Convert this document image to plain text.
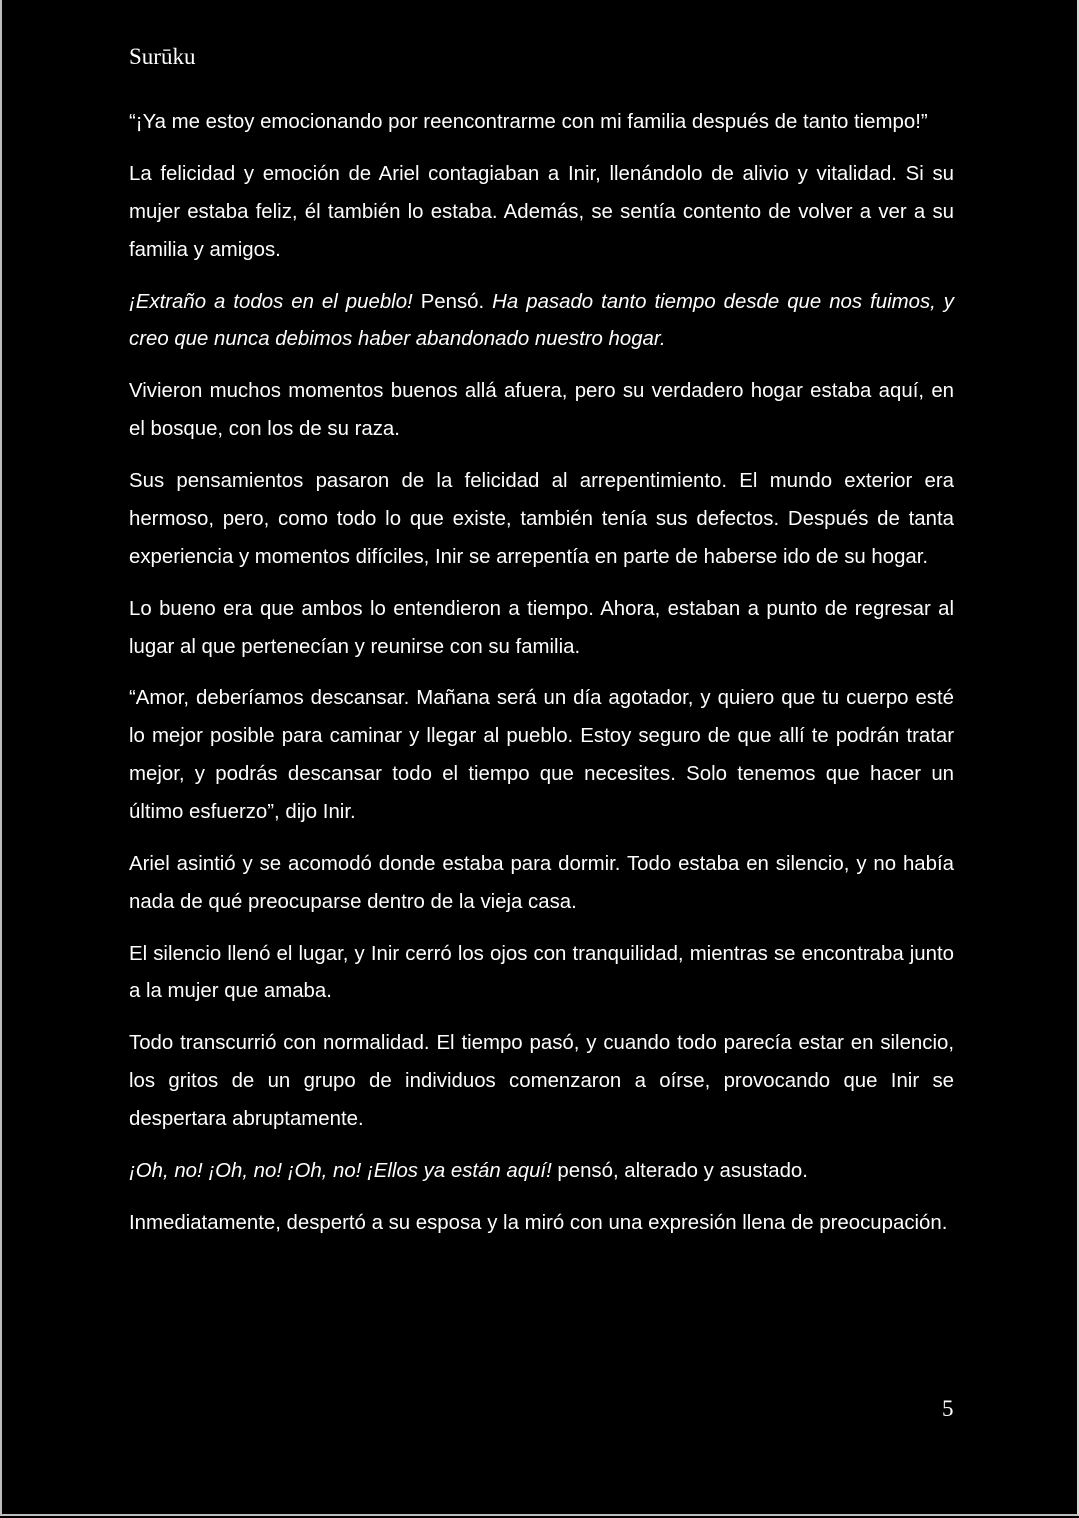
Surūku

“¡Ya me estoy emocionando por reencontrarme con mi familia después de tanto tiempo!”

La felicidad y emoción de Ariel contagiaban a Inir, llenándolo de alivio y vitalidad. Si su mujer estaba feliz, él también lo estaba. Además, se sentía contento de volver a ver a su familia y amigos.

¡Extraño a todos en el pueblo! Pensó. Ha pasado tanto tiempo desde que nos fuimos, y creo que nunca debimos haber abandonado nuestro hogar.

Vivieron muchos momentos buenos allá afuera, pero su verdadero hogar estaba aquí, en el bosque, con los de su raza.

Sus pensamientos pasaron de la felicidad al arrepentimiento. El mundo exterior era hermoso, pero, como todo lo que existe, también tenía sus defectos. Después de tanta experiencia y momentos difíciles, Inir se arrepentía en parte de haberse ido de su hogar.

Lo bueno era que ambos lo entendieron a tiempo. Ahora, estaban a punto de regresar al lugar al que pertenecían y reunirse con su familia.

“Amor, deberíamos descansar. Mañana será un día agotador, y quiero que tu cuerpo esté lo mejor posible para caminar y llegar al pueblo. Estoy seguro de que allí te podrán tratar mejor, y podrás descansar todo el tiempo que necesites. Solo tenemos que hacer un último esfuerzo”, dijo Inir.

Ariel asintió y se acomodó donde estaba para dormir. Todo estaba en silencio, y no había nada de qué preocuparse dentro de la vieja casa.

El silencio llenó el lugar, y Inir cerró los ojos con tranquilidad, mientras se encontraba junto a la mujer que amaba.

Todo transcurrió con normalidad. El tiempo pasó, y cuando todo parecía estar en silencio, los gritos de un grupo de individuos comenzaron a oírse, provocando que Inir se despertara abruptamente.

¡Oh, no! ¡Oh, no! ¡Oh, no! ¡Ellos ya están aquí! pensó, alterado y asustado.

Inmediatamente, despertó a su esposa y la miró con una expresión llena de preocupación.

5
